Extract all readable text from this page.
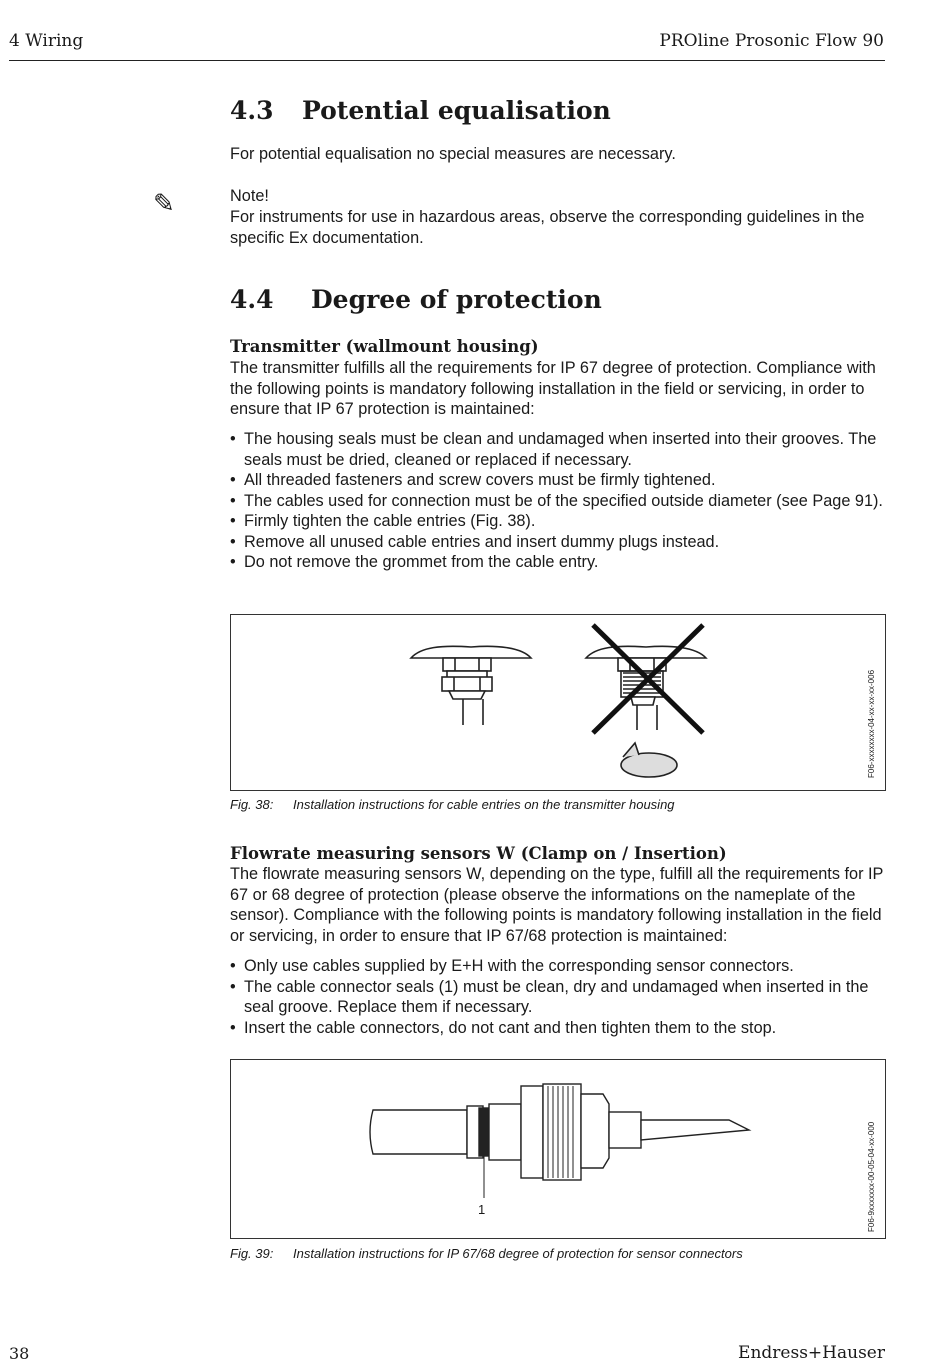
4 Wiring	PROline Prosonic Flow 90
4.3 Potential equalisation
For potential equalisation no special measures are necessary.
✎	Note!
For instruments for use in hazardous areas, observe the corresponding guidelines in the specific Ex documentation.
4.4 Degree of protection
Transmitter (wallmount housing)
The transmitter fulfills all the requirements for IP 67 degree of protection. Compliance with the following points is mandatory following installation in the field or servicing, in order to ensure that IP 67 protection is maintained:
• The housing seals must be clean and undamaged when inserted into their grooves. The seals must be dried, cleaned or replaced if necessary.
• All threaded fasteners and screw covers must be firmly tightened.
• The cables used for connection must be of the specified outside diameter (see Page 91).
• Firmly tighten the cable entries (Fig. 38).
• Remove all unused cable entries and insert dummy plugs instead.
• Do not remove the grommet from the cable entry.
F06-xxxxxxxx-04-xx-xx-xx-006
Fig. 38: Installation instructions for cable entries on the transmitter housing
Flowrate measuring sensors W (Clamp on / Insertion)
The flowrate measuring sensors W, depending on the type, fulfill all the requirements for IP 67 or 68 degree of protection (please observe the informations on the nameplate of the sensor). Compliance with the following points is mandatory following installation in the field or servicing, in order to ensure that IP 67/68 protection is maintained:
• Only use cables supplied by E+H with the corresponding sensor connectors.
• The cable connector seals (1) must be clean, dry and undamaged when inserted in the seal groove. Replace them if necessary.
• Insert the cable connectors, do not cant and then tighten them to the stop.
1	F06-9xxxxxxx-00-05-04-xx-000
Fig. 39: Installation instructions for IP 67/68 degree of protection for sensor connectors
38	Endress+Hauser
